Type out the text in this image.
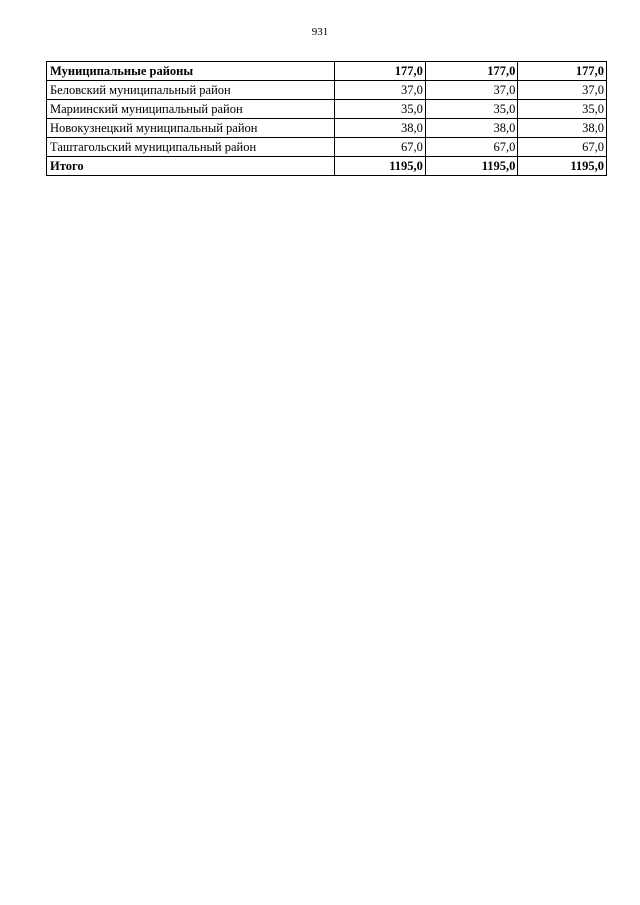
931
Муниципальные районы	177,0	177,0	177,0
Беловский муниципальный район	37,0	37,0	37,0
Мариинский муниципальный район	35,0	35,0	35,0
Новокузнецкий муниципальный район	38,0	38,0	38,0
Таштагольский муниципальный район	67,0	67,0	67,0
Итого	1195,0	1195,0	1195,0
